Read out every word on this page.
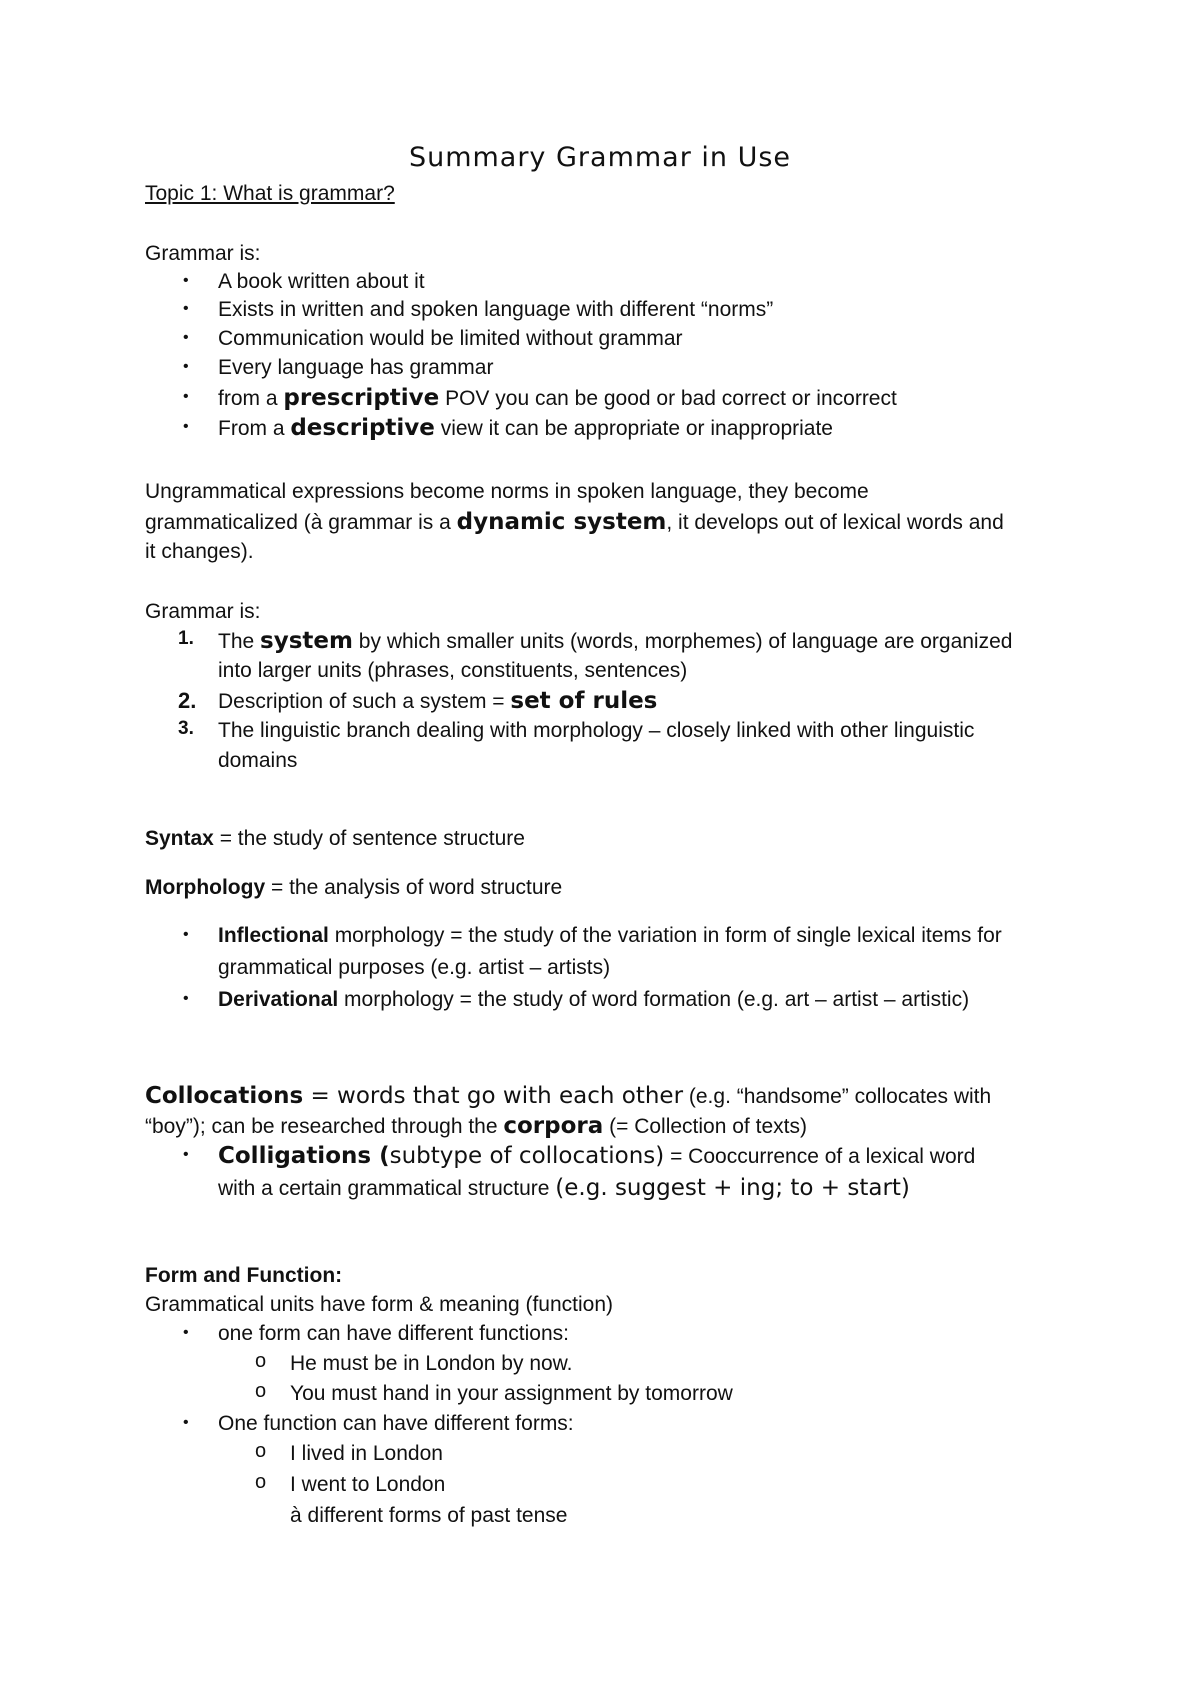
Summary Grammar in Use
Topic 1: What is grammar?
Grammar is:
• A book written about it
• Exists in written and spoken language with different “norms”
• Communication would be limited without grammar
• Every language has grammar
• from a prescriptive POV you can be good or bad correct or incorrect
• From a descriptive view it can be appropriate or inappropriate
Ungrammatical expressions become norms in spoken language, they become
grammaticalized (à grammar is a dynamic system, it develops out of lexical words and
it changes).
Grammar is:
1. The system by which smaller units (words, morphemes) of language are organized
into larger units (phrases, constituents, sentences)
2. Description of such a system = set of rules
3. The linguistic branch dealing with morphology – closely linked with other linguistic
domains
Syntax = the study of sentence structure
Morphology = the analysis of word structure
• Inflectional morphology = the study of the variation in form of single lexical items for
grammatical purposes (e.g. artist – artists)
• Derivational morphology = the study of word formation (e.g. art – artist – artistic)
Collocations = words that go with each other (e.g. “handsome” collocates with
“boy”); can be researched through the corpora (= Collection of texts)
• Colligations (subtype of collocations) = Cooccurrence of a lexical word
with a certain grammatical structure (e.g. suggest + ing; to + start)
Form and Function:
Grammatical units have form & meaning (function)
• one form can have different functions:
o He must be in London by now.
o You must hand in your assignment by tomorrow
• One function can have different forms:
o I lived in London
o I went to London
à different forms of past tense
